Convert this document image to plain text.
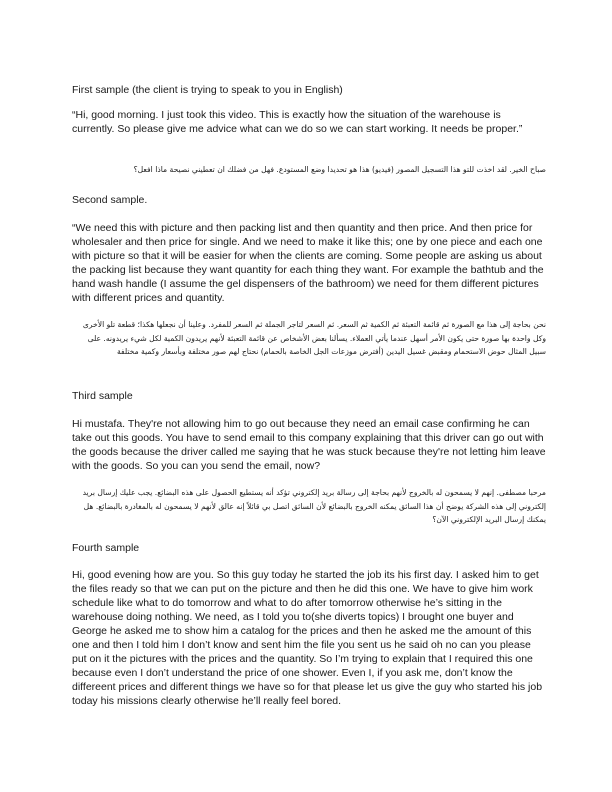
First sample (the client is trying to speak to you in English)

“Hi, good morning. I just took this video. This is exactly how the situation of the warehouse is currently. So please give me advice what can we do so we can start working. It needs be proper.”

صباح الخير. لقد اخذت للتو هذا التسجيل المصور (فيديو) هذا هو تحديدا وضع المستودع. فهل من فضلك ان تعطيني نصيحة ماذا افعل؟

Second sample.

“We need this with picture and then packing list and then quantity and then price. And then price for wholesaler and then price for single. And we need to make it like this; one by one piece and each one with picture so that it will be easier for when the clients are coming. Some people are asking us about the packing list because they want quantity for each thing they want. For example the bathtub and the hand wash handle (I assume the gel dispensers of the bathroom) we need for them different pictures with different prices and quantity.

نحن بحاجة إلى هذا مع الصورة ثم قائمة التعبئة ثم الكمية ثم السعر. ثم السعر لتاجر الجملة ثم السعر للمفرد. وعلينا أن نجعلها هكذا؛ قطعة تلو الأخرى وكل واحدة بها صورة حتى يكون الأمر أسهل عندما يأتي العملاء. يسألنا بعض الأشخاص عن قائمة التعبئة لأنهم يريدون الكمية لكل شيء يريدونه. على سبيل المثال حوض الاستحمام ومقبض غسيل اليدين (أفترض موزعات الجل الخاصة بالحمام) نحتاج لهم صور مختلفة وبأسعار وكمية مختلفة

Third sample

Hi mustafa. They're not allowing him to go out because they need an email case confirming he can take out this goods. You have to send email to this company explaining that this driver can go out with the goods because the driver called me saying that he was stuck because they're not letting him leave with the goods. So you can you send the email, now?

مرحبا مصطفى. إنهم لا يسمحون له بالخروج لأنهم بحاجة إلى رسالة بريد إلكتروني تؤكد أنه يستطيع الحصول على هذه البضائع. يجب عليك إرسال بريد إلكتروني إلى هذه الشركة يوضح أن هذا السائق يمكنه الخروج بالبضائع لأن السائق اتصل بي قائلاً إنه عالق لأنهم لا يسمحون له بالمغادرة بالبضائع. هل يمكنك إرسال البريد الإلكتروني الآن؟

Fourth sample

Hi, good evening how are you. So this guy today he started the job its his first day. I asked him to get the files ready so that we can put on the picture and then he did this one. We have to give him work schedule like what to do tomorrow and what to do after tomorrow otherwise he’s sitting in the warehouse doing nothing. We need, as I told you to(she diverts topics) I brought one buyer and George he asked me to show him a catalog for the prices and then he asked me the amount of this one and then I told him I don’t know and sent him the file you sent us he said oh no can you please put on it the pictures with the prices and the quantity. So I’m trying to explain that I required this one because even I don’t understand the price of one shower. Even I, if you ask me, don’t know the differeent prices and different things we have so for that please let us give the guy who started his job today his missions clearly otherwise he’ll really feel bored.
